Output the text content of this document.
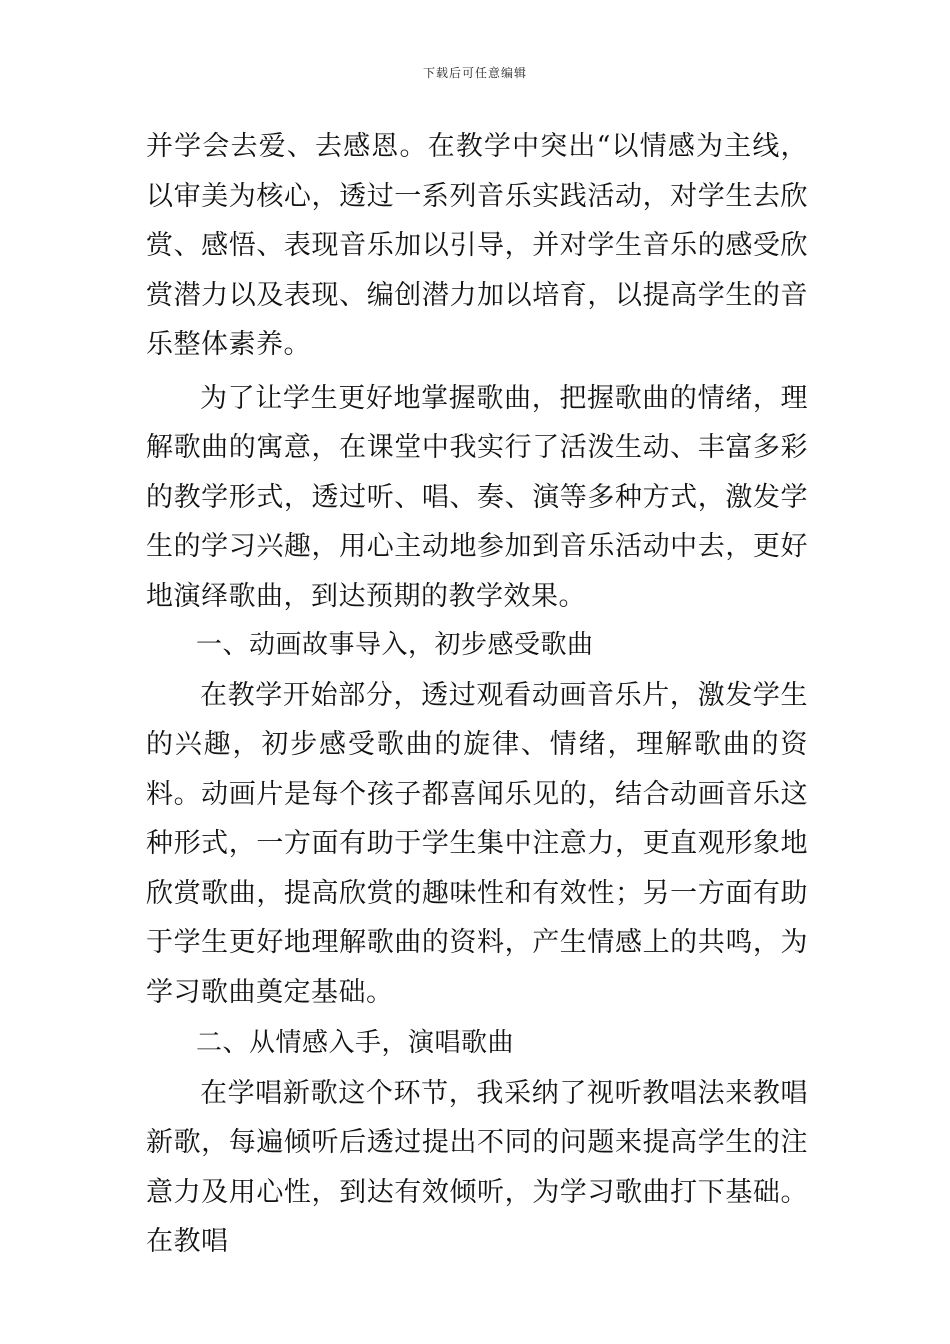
下载后可任意编辑

并学会去爱、去感恩。在教学中突出“以情感为主线，以审美为核心，透过一系列音乐实践活动，对学生去欣赏、感悟、表现音乐加以引导，并对学生音乐的感受欣赏潜力以及表现、编创潜力加以培育，以提高学生的音乐整体素养。

为了让学生更好地掌握歌曲，把握歌曲的情绪，理解歌曲的寓意，在课堂中我实行了活泼生动、丰富多彩的教学形式，透过听、唱、奏、演等多种方式，激发学生的学习兴趣，用心主动地参加到音乐活动中去，更好地演绎歌曲，到达预期的教学效果。

一、动画故事导入，初步感受歌曲

在教学开始部分，透过观看动画音乐片，激发学生的兴趣，初步感受歌曲的旋律、情绪，理解歌曲的资料。动画片是每个孩子都喜闻乐见的，结合动画音乐这种形式，一方面有助于学生集中注意力，更直观形象地欣赏歌曲，提高欣赏的趣味性和有效性；另一方面有助于学生更好地理解歌曲的资料，产生情感上的共鸣，为学习歌曲奠定基础。

二、从情感入手，演唱歌曲

在学唱新歌这个环节，我采纳了视听教唱法来教唱新歌，每遍倾听后透过提出不同的问题来提高学生的注意力及用心性，到达有效倾听，为学习歌曲打下基础。在教唱
